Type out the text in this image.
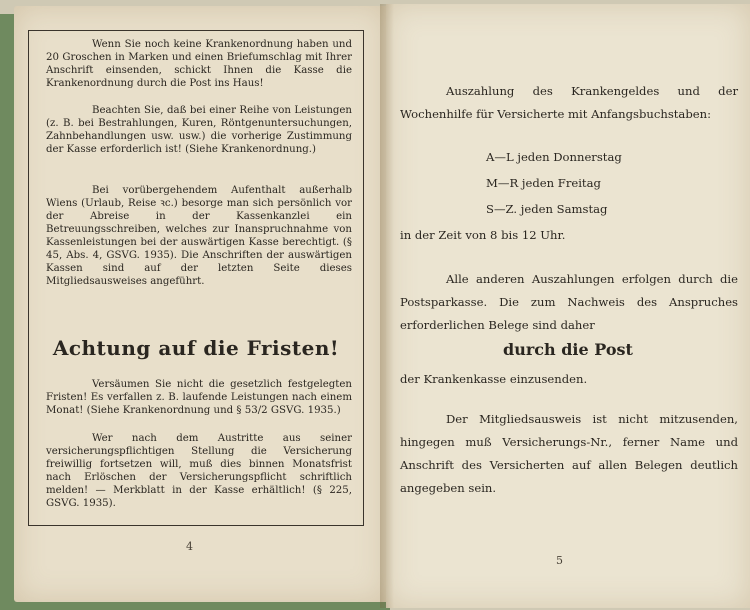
Wenn Sie noch keine Krankenordnung haben und 20 Groschen in Marken und einen Briefumschlag mit Ihrer Anschrift einsenden, schickt Ihnen die Kasse die Krankenordnung durch die Post ins Haus!

Beachten Sie, daß bei einer Reihe von Leistungen (z. B. bei Bestrahlungen, Kuren, Röntgenuntersuchungen, Zahnbehandlungen usw. usw.) die vorherige Zustimmung der Kasse erforderlich ist! (Siehe Krankenordnung.)

Bei vorübergehendem Aufenthalt außerhalb Wiens (Urlaub, Reise ꝛc.) besorge man sich persönlich vor der Abreise in der Kassenkanzlei ein Betreuungsschreiben, welches zur Inanspruchnahme von Kassenleistungen bei der auswärtigen Kasse berechtigt. (§ 45, Abs. 4, GSVG. 1935). Die Anschriften der auswärtigen Kassen sind auf der letzten Seite dieses Mitgliedsausweises angeführt.

Achtung auf die Fristen!

Versäumen Sie nicht die gesetzlich festgelegten Fristen! Es verfallen z. B. laufende Leistungen nach einem Monat! (Siehe Krankenordnung und § 53/2 GSVG. 1935.)

Wer nach dem Austritte aus seiner versicherungspflichtigen Stellung die Versicherung freiwillig fortsetzen will, muß dies binnen Monatsfrist nach Erlöschen der Versicherungspflicht schriftlich melden! — Merkblatt in der Kasse erhältlich! (§ 225, GSVG. 1935).

4

Auszahlung des Krankengeldes und der Wochenhilfe für Versicherte mit Anfangsbuchstaben:

A—L jeden Donnerstag
M—R jeden Freitag
S—Z. jeden Samstag
in der Zeit von 8 bis 12 Uhr.

Alle anderen Auszahlungen erfolgen durch die Postsparkasse. Die zum Nachweis des Anspruches erforderlichen Belege sind daher

durch die Post
der Krankenkasse einzusenden.

Der Mitgliedsausweis ist nicht mitzusenden, hingegen muß Versicherungs-Nr., ferner Name und Anschrift des Versicherten auf allen Belegen deutlich angegeben sein.

5
